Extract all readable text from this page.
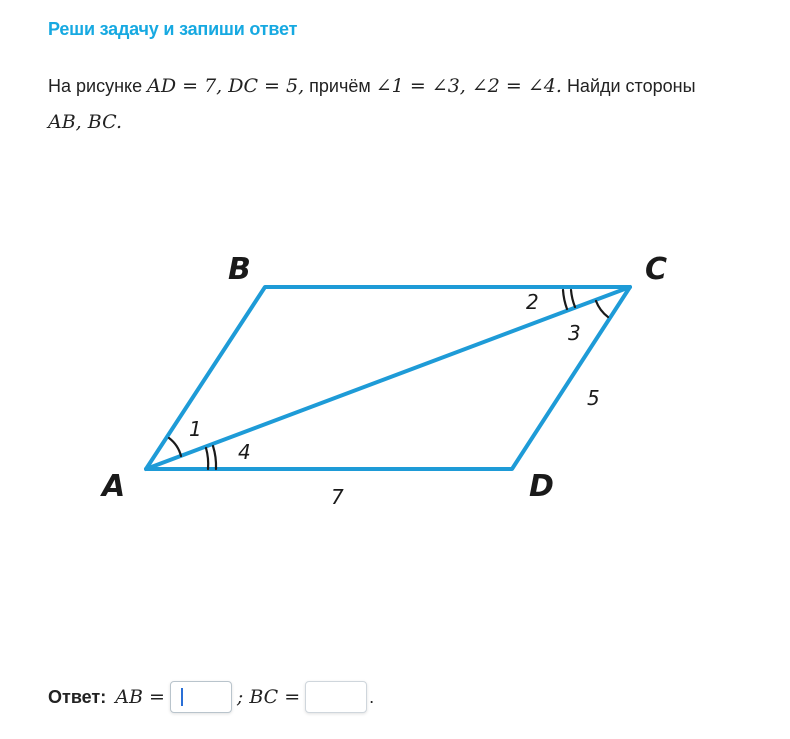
Реши задачу и запиши ответ
На рисунке AD = 7, DC = 5, причём ∠1 = ∠3, ∠2 = ∠4. Найди стороны
AB, BC.
A
B	C
D
1
4
2
3
7
5
Ответ: AB =	; BC =	.
